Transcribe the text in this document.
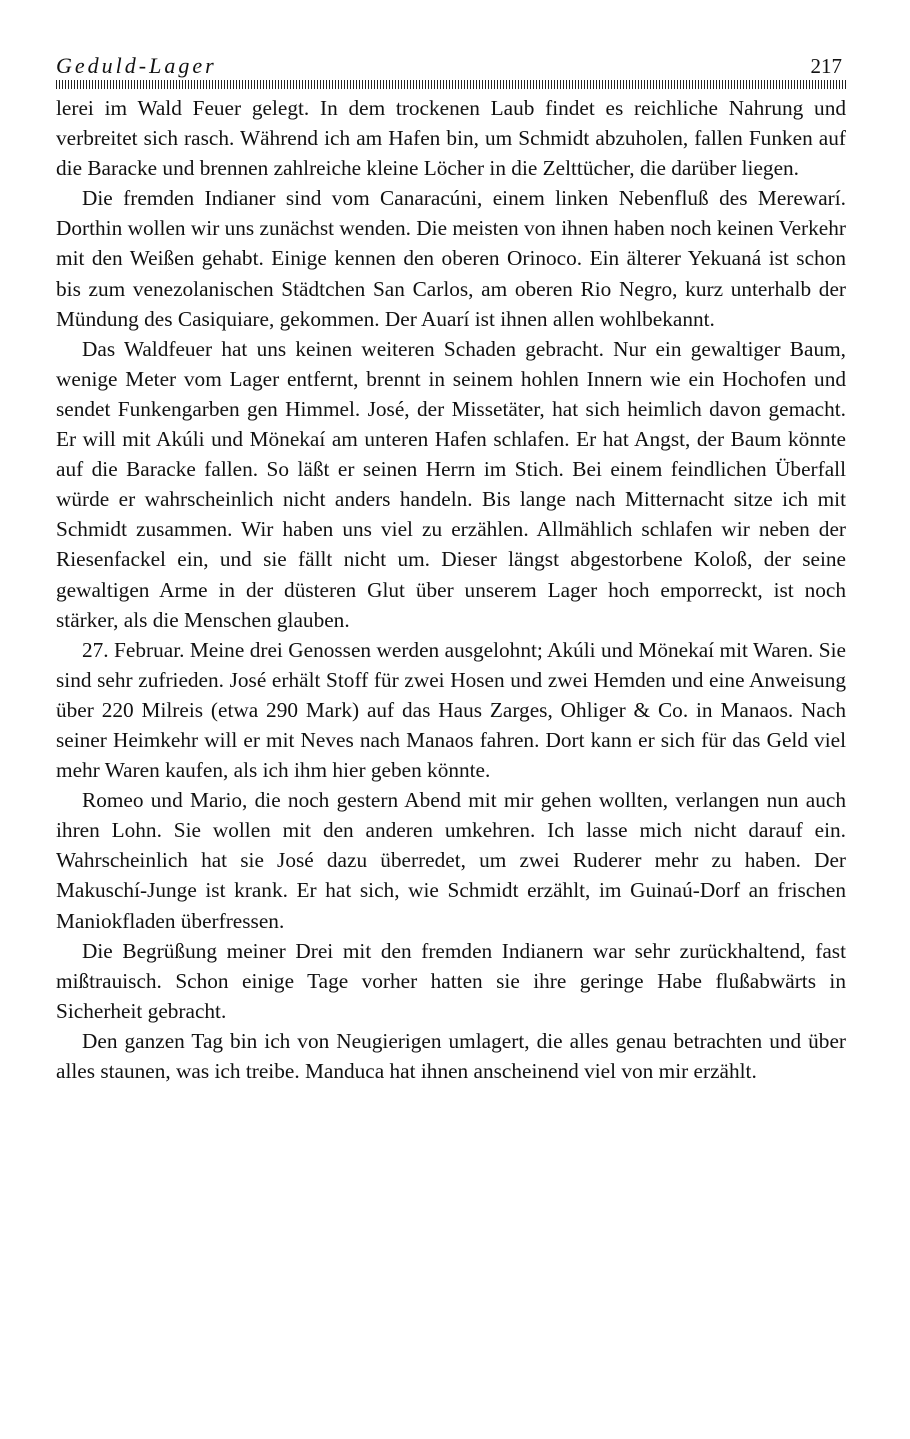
Geduld-Lager	217

lerei im Wald Feuer gelegt. In dem trockenen Laub findet es reichliche Nahrung und verbreitet sich rasch. Während ich am Hafen bin, um Schmidt abzuholen, fallen Funken auf die Baracke und brennen zahlreiche kleine Löcher in die Zelttücher, die darüber liegen.

Die fremden Indianer sind vom Canaracúni, einem linken Nebenfluß des Merewarí. Dorthin wollen wir uns zunächst wenden. Die meisten von ihnen haben noch keinen Verkehr mit den Weißen gehabt. Einige kennen den oberen Orinoco. Ein älterer Yekuaná ist schon bis zum venezolanischen Städtchen San Carlos, am oberen Rio Negro, kurz unterhalb der Mündung des Casiquiare, gekommen. Der Auarí ist ihnen allen wohlbekannt.

Das Waldfeuer hat uns keinen weiteren Schaden gebracht. Nur ein gewaltiger Baum, wenige Meter vom Lager entfernt, brennt in seinem hohlen Innern wie ein Hochofen und sendet Funkengarben gen Himmel. José, der Missetäter, hat sich heimlich davon gemacht. Er will mit Akúli und Mönekaí am unteren Hafen schlafen. Er hat Angst, der Baum könnte auf die Baracke fallen. So läßt er seinen Herrn im Stich. Bei einem feindlichen Überfall würde er wahrscheinlich nicht anders handeln. Bis lange nach Mitternacht sitze ich mit Schmidt zusammen. Wir haben uns viel zu erzählen. Allmählich schlafen wir neben der Riesenfackel ein, und sie fällt nicht um. Dieser längst abgestorbene Koloß, der seine gewaltigen Arme in der düsteren Glut über unserem Lager hoch emporreckt, ist noch stärker, als die Menschen glauben.

27. Februar. Meine drei Genossen werden ausgelohnt; Akúli und Mönekaí mit Waren. Sie sind sehr zufrieden. José erhält Stoff für zwei Hosen und zwei Hemden und eine Anweisung über 220 Milreis (etwa 290 Mark) auf das Haus Zarges, Ohliger & Co. in Manaos. Nach seiner Heimkehr will er mit Neves nach Manaos fahren. Dort kann er sich für das Geld viel mehr Waren kaufen, als ich ihm hier geben könnte.

Romeo und Mario, die noch gestern Abend mit mir gehen wollten, verlangen nun auch ihren Lohn. Sie wollen mit den anderen umkehren. Ich lasse mich nicht darauf ein. Wahrscheinlich hat sie José dazu überredet, um zwei Ruderer mehr zu haben. Der Makuschí-Junge ist krank. Er hat sich, wie Schmidt erzählt, im Guinaú-Dorf an frischen Maniokfladen überfressen.

Die Begrüßung meiner Drei mit den fremden Indianern war sehr zurückhaltend, fast mißtrauisch. Schon einige Tage vorher hatten sie ihre geringe Habe flußabwärts in Sicherheit gebracht.

Den ganzen Tag bin ich von Neugierigen umlagert, die alles genau betrachten und über alles staunen, was ich treibe. Manduca hat ihnen anscheinend viel von mir erzählt.
